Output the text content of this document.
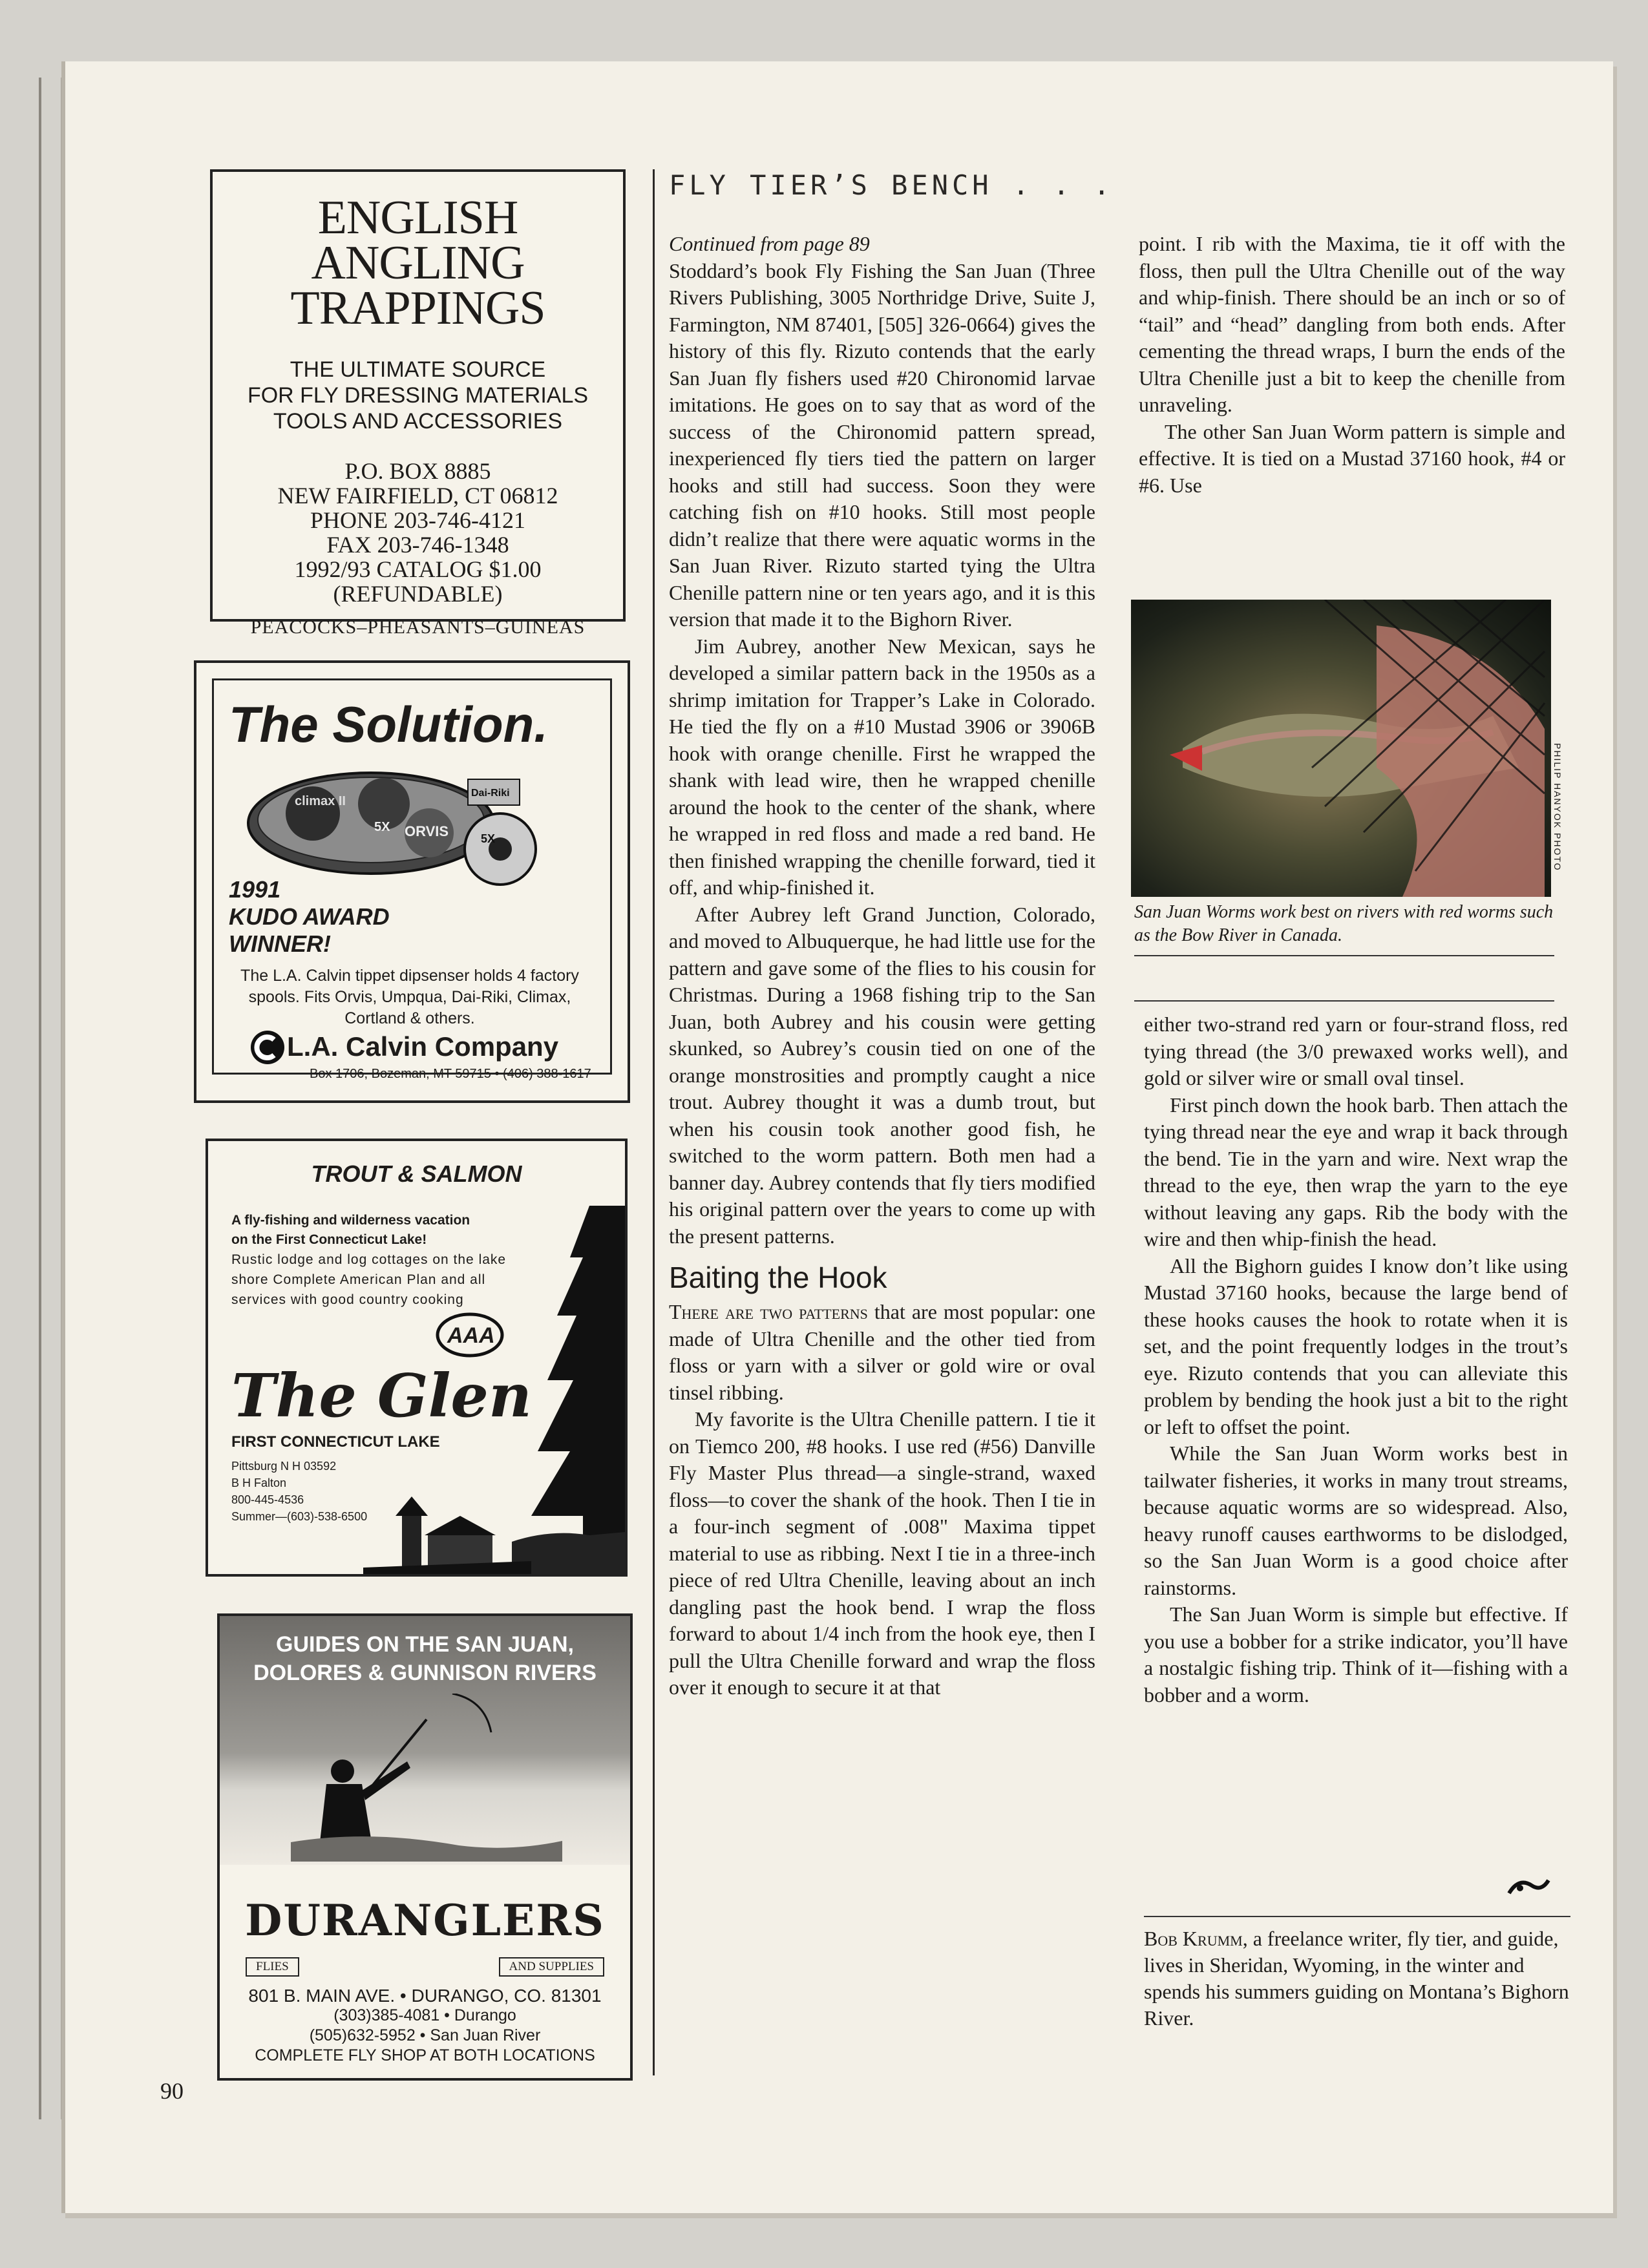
ENGLISH ANGLING TRAPPINGS
THE ULTIMATE SOURCE
FOR FLY DRESSING MATERIALS
TOOLS AND ACCESSORIES
P.O. BOX 8885
NEW FAIRFIELD, CT 06812
PHONE 203-746-4121
FAX 203-746-1348
1992/93 CATALOG $1.00
(REFUNDABLE)
PEACOCKS–PHEASANTS–GUINEAS
The Solution.
climax II
ORVIS
5X
5X
Dai-Riki
1991
KUDO AWARD
WINNER!
The L.A. Calvin tippet dipsenser holds 4 factory spools. Fits Orvis, Umpqua, Dai-Riki, Climax, Cortland & others.
L.A. Calvin Company
Box 1706, Bozeman, MT 59715 • (406) 388-1617
TROUT & SALMON
A fly-fishing and wilderness vacation
on the First Connecticut Lake!
Rustic lodge and log cottages on the lake shore Complete American Plan and all services with good country cooking
AAA
The Glen
FIRST CONNECTICUT LAKE
Pittsburg N H 03592
B H Falton
800-445-4536
Summer—(603)-538-6500
GUIDES ON THE SAN JUAN,
DOLORES & GUNNISON RIVERS
DURANGLERS
FLIES	AND SUPPLIES
801 B. MAIN AVE. • DURANGO, CO. 81301
(303)385-4081 • Durango
(505)632-5952 • San Juan River
COMPLETE FLY SHOP AT BOTH LOCATIONS
90
FLY TIER’S BENCH . . .

Continued from page 89

Stoddard’s book Fly Fishing the San Juan (Three Rivers Publishing, 3005 Northridge Drive, Suite J, Farmington, NM 87401, [505] 326-0664) gives the history of this fly. Rizuto contends that the early San Juan fly fishers used #20 Chironomid larvae imitations. He goes on to say that as word of the success of the Chironomid pattern spread, inexperienced fly tiers tied the pattern on larger hooks and still had success. Soon they were catching fish on #10 hooks. Still most people didn’t realize that there were aquatic worms in the San Juan River. Rizuto started tying the Ultra Chenille pattern nine or ten years ago, and it is this version that made it to the Bighorn River.

Jim Aubrey, another New Mexican, says he developed a similar pattern back in the 1950s as a shrimp imitation for Trapper’s Lake in Colorado. He tied the fly on a #10 Mustad 3906 or 3906B hook with orange chenille. First he wrapped the shank with lead wire, then he wrapped chenille around the hook to the center of the shank, where he wrapped in red floss and made a red band. He then finished wrapping the chenille forward, tied it off, and whip-finished it.

After Aubrey left Grand Junction, Colorado, and moved to Albuquerque, he had little use for the pattern and gave some of the flies to his cousin for Christmas. During a 1968 fishing trip to the San Juan, both Aubrey and his cousin were getting skunked, so Aubrey’s cousin tied on one of the orange monstrosities and promptly caught a nice trout. Aubrey thought it was a dumb trout, but when his cousin took another good fish, he switched to the worm pattern. Both men had a banner day. Aubrey contends that fly tiers modified his original pattern over the years to come up with the present patterns.

Baiting the Hook

There are two patterns that are most popular: one made of Ultra Chenille and the other tied from floss or yarn with a silver or gold wire or oval tinsel ribbing.

My favorite is the Ultra Chenille pattern. I tie it on Tiemco 200, #8 hooks. I use red (#56) Danville Fly Master Plus thread—a single-strand, waxed floss—to cover the shank of the hook. Then I tie in a four-inch segment of .008" Maxima tippet material to use as ribbing. Next I tie in a three-inch piece of red Ultra Chenille, leaving about an inch dangling past the hook bend. I wrap the floss forward to about 1/4 inch from the hook eye, then I pull the Ultra Chenille forward and wrap the floss over it enough to secure it at that

point. I rib with the Maxima, tie it off with the floss, then pull the Ultra Chenille out of the way and whip-finish. There should be an inch or so of “tail” and “head” dangling from both ends. After cementing the thread wraps, I burn the ends of the Ultra Chenille just a bit to keep the chenille from unraveling.

The other San Juan Worm pattern is simple and effective. It is tied on a Mustad 37160 hook, #4 or #6. Use

PHILIP HANYOK PHOTO
San Juan Worms work best on rivers with red worms such as the Bow River in Canada.

either two-strand red yarn or four-strand floss, red tying thread (the 3/0 prewaxed works well), and gold or silver wire or small oval tinsel.

First pinch down the hook barb. Then attach the tying thread near the eye and wrap it back through the bend. Tie in the yarn and wire. Next wrap the thread to the eye, then wrap the yarn to the eye without leaving any gaps. Rib the body with the wire and then whip-finish the head.

All the Bighorn guides I know don’t like using Mustad 37160 hooks, because the large bend of these hooks causes the hook to rotate when it is set, and the point frequently lodges in the trout’s eye. Rizuto contends that you can alleviate this problem by bending the hook just a bit to the right or left to offset the point.

While the San Juan Worm works best in tailwater fisheries, it works in many trout streams, because aquatic worms are so widespread. Also, heavy runoff causes earthworms to be dislodged, so the San Juan Worm is a good choice after rainstorms.

The San Juan Worm is simple but effective. If you use a bobber for a strike indicator, you’ll have a nostalgic fishing trip. Think of it—fishing with a bobber and a worm.

Bob Krumm, a freelance writer, fly tier, and guide, lives in Sheridan, Wyoming, in the winter and spends his summers guiding on Montana’s Bighorn River.
